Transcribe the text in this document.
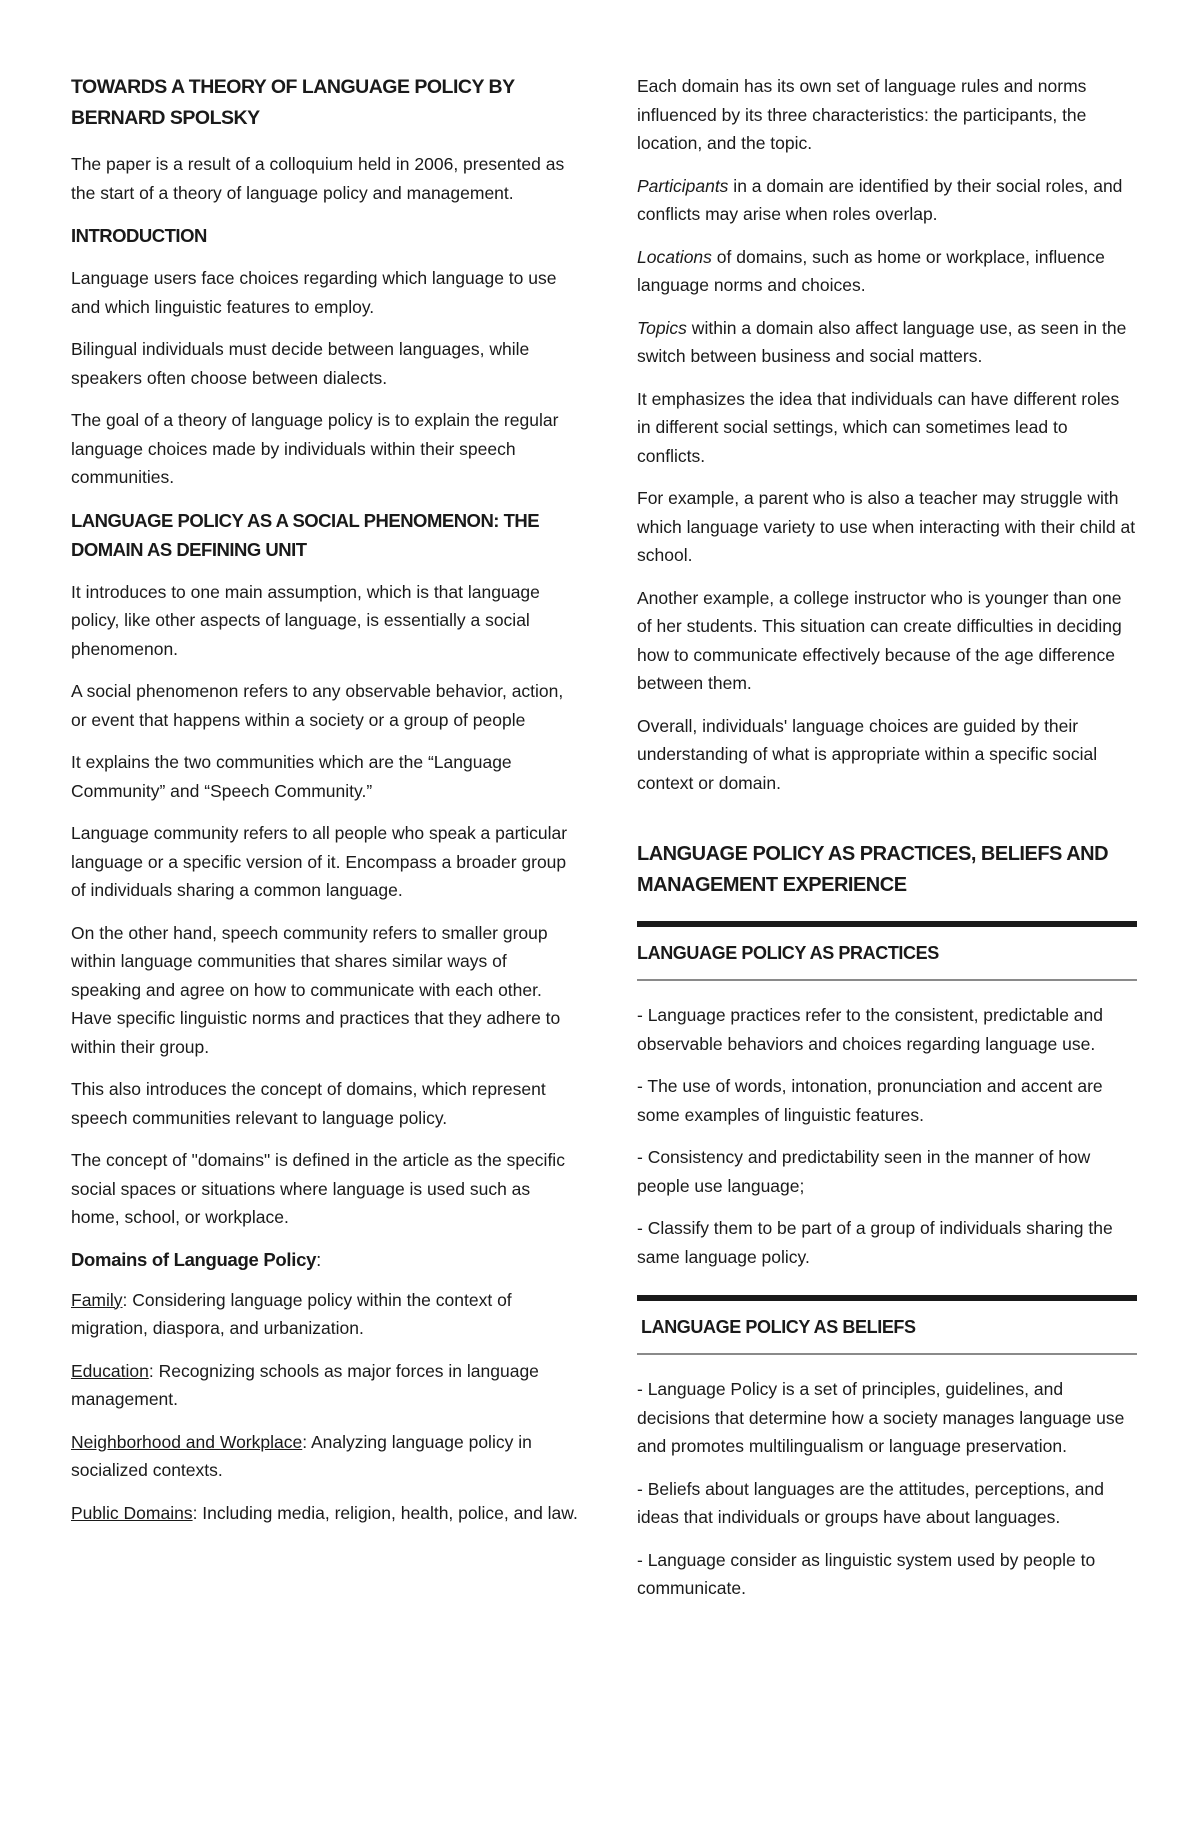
TOWARDS A THEORY OF LANGUAGE POLICY BY BERNARD SPOLSKY

The paper is a result of a colloquium held in 2006, presented as the start of a theory of language policy and management.

INTRODUCTION

Language users face choices regarding which language to use and which linguistic features to employ.

Bilingual individuals must decide between languages, while speakers often choose between dialects.

The goal of a theory of language policy is to explain the regular language choices made by individuals within their speech communities.

LANGUAGE POLICY AS A SOCIAL PHENOMENON: THE DOMAIN AS DEFINING UNIT

It introduces to one main assumption, which is that language policy, like other aspects of language, is essentially a social phenomenon.

A social phenomenon refers to any observable behavior, action, or event that happens within a society or a group of people

It explains the two communities which are the “Language Community” and “Speech Community.”

Language community refers to all people who speak a particular language or a specific version of it. Encompass a broader group of individuals sharing a common language.

On the other hand, speech community refers to smaller group within language communities that shares similar ways of speaking and agree on how to communicate with each other. Have specific linguistic norms and practices that they adhere to within their group.

This also introduces the concept of domains, which represent speech communities relevant to language policy.

The concept of "domains" is defined in the article as the specific social spaces or situations where language is used such as home, school, or workplace.

Domains of Language Policy:

Family: Considering language policy within the context of migration, diaspora, and urbanization.

Education: Recognizing schools as major forces in language management.

Neighborhood and Workplace: Analyzing language policy in socialized contexts.

Public Domains: Including media, religion, health, police, and law.

Each domain has its own set of language rules and norms influenced by its three characteristics: the participants, the location, and the topic.

Participants in a domain are identified by their social roles, and conflicts may arise when roles overlap.

Locations of domains, such as home or workplace, influence language norms and choices.

Topics within a domain also affect language use, as seen in the switch between business and social matters.

It emphasizes the idea that individuals can have different roles in different social settings, which can sometimes lead to conflicts.

For example, a parent who is also a teacher may struggle with which language variety to use when interacting with their child at school.

Another example, a college instructor who is younger than one of her students. This situation can create difficulties in deciding how to communicate effectively because of the age difference between them.

Overall, individuals' language choices are guided by their understanding of what is appropriate within a specific social context or domain.

LANGUAGE POLICY AS PRACTICES, BELIEFS AND MANAGEMENT EXPERIENCE
LANGUAGE POLICY AS PRACTICES

- Language practices refer to the consistent, predictable and observable behaviors and choices regarding language use.

- The use of words, intonation, pronunciation and accent are some examples of linguistic features.

- Consistency and predictability seen in the manner of how people use language;

- Classify them to be part of a group of individuals sharing the same language policy.

LANGUAGE POLICY AS BELIEFS

- Language Policy is a set of principles, guidelines, and decisions that determine how a society manages language use and promotes multilingualism or language preservation.

- Beliefs about languages are the attitudes, perceptions, and ideas that individuals or groups have about languages.

- Language consider as linguistic system used by people to communicate.
